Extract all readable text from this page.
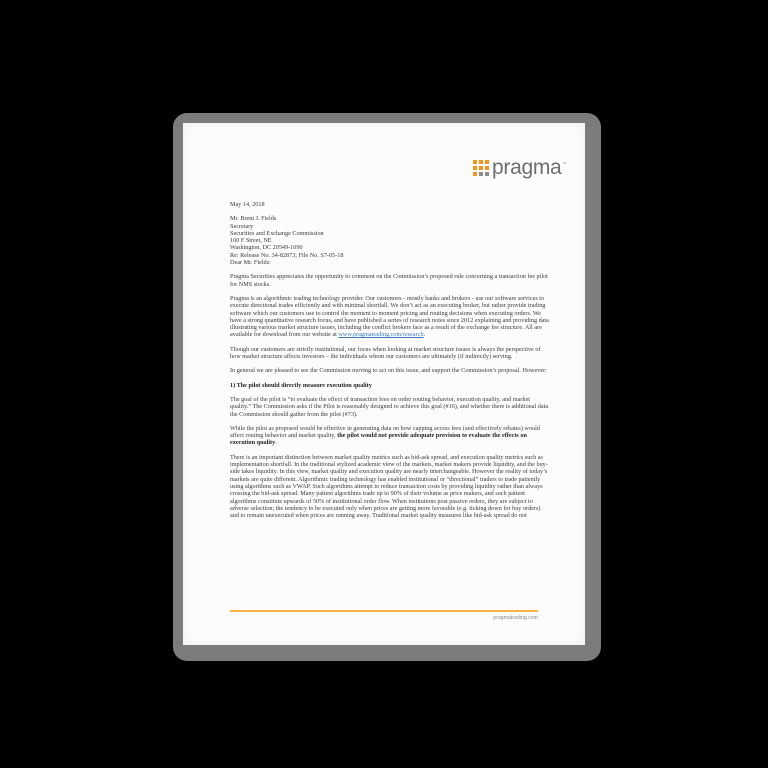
pragma ™
May 14, 2018
Mr. Brent J. Fields
Secretary
Securities and Exchange Commission
100 F Street, NE
Washington, DC 20549-1090
Re: Release No. 34-82873; File No. S7-05-18

Dear Mr. Fields:

Pragma Securities appreciates the opportunity to comment on the Commission’s proposed rule concerning a transaction fee pilot for NMS stocks.

Pragma is an algorithmic trading technology provider. Our customers - mostly banks and brokers - use our software services to execute directional trades efficiently and with minimal shortfall. We don’t act as an executing broker, but rather provide trading software which our customers use to control the moment to moment pricing and routing decisions when executing orders. We have a strong quantitative research focus, and have published a series of research notes since 2012 explaining and providing data illustrating various market structure issues, including the conflict brokers face as a result of the exchange fee structure. All are available for download from our website at www.pragmatrading.com/research.

Though our customers are strictly institutional, our focus when looking at market structure issues is always the perspective of how market structure affects investors – the individuals whom our customers are ultimately (if indirectly) serving.

In general we are pleased to see the Commission moving to act on this issue, and support the Commission’s proposal. However:

1) The pilot should directly measure execution quality

The goal of the pilot is “to evaluate the effect of transaction fees on order routing behavior, execution quality, and market quality.” The Commission asks if the Pilot is reasonably designed to achieve this goal (#16), and whether there is additional data the Commission should gather from the pilot (#73).

While the pilot as proposed would be effective in generating data on how capping access fees (and effectively rebates) would affect routing behavior and market quality, the pilot would not provide adequate provision to evaluate the effects on execution quality.

There is an important distinction between market quality metrics such as bid-ask spread, and execution quality metrics such as implementation shortfall. In the traditional stylized academic view of the markets, market makers provide liquidity, and the buy-side takes liquidity. In this view, market quality and execution quality are nearly interchangeable. However the reality of today’s markets are quite different. Algorithmic trading technology has enabled institutional or “directional” traders to trade patiently using algorithms such as VWAP. Such algorithms attempt to reduce transaction costs by providing liquidity rather than always crossing the bid-ask spread. Many patient algorithms trade up to 90% of their volume as price makers, and such patient algorithms constitute upwards of 50% of institutional order flow. When institutions post passive orders, they are subject to adverse selection; the tendency to be executed only when prices are getting more favorable (e.g. ticking down for buy orders) and to remain unexecuted when prices are running away. Traditional market quality measures like bid-ask spread do not

pragmatrading.com
